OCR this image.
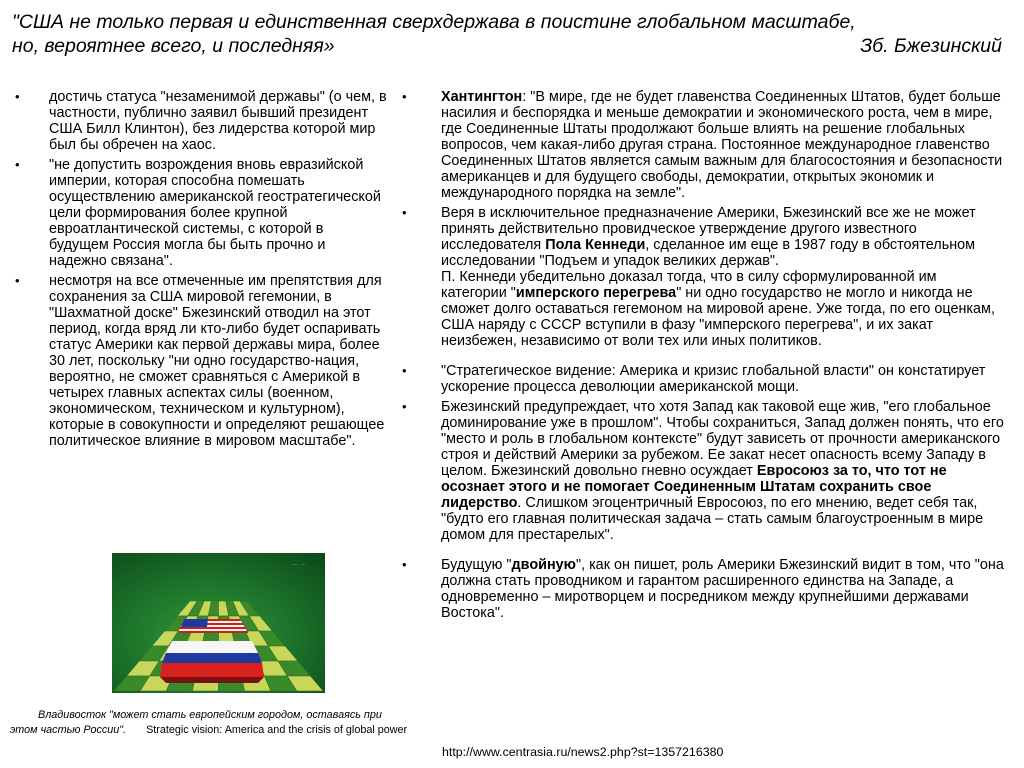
"США не только первая и единственная сверхдержава в поистине глобальном масштабе,
но, вероятнее всего, и последняя»	Зб. Бжезинский
• достичь статуса "незаменимой державы" (о чем, в частности, публично заявил бывший президент США Билл Клинтон), без лидерства которой мир был бы обречен на хаос.
• "не допустить возрождения вновь евразийской империи, которая способна помешать осуществлению американской геостратегической цели формирования более крупной евроатлантической системы, с которой в будущем Россия могла бы быть прочно и надежно связана".
• несмотря на все отмеченные им препятствия для сохранения за США мировой гегемонии, в "Шахматной доске" Бжезинский отводил на этот период, когда вряд ли кто-либо будет оспаривать статус Америки как первой державы мира, более 30 лет, поскольку "ни одно государство-нация, вероятно, не сможет сравняться с Америкой в четырех главных аспектах силы (военном, экономическом, техническом и культурном), которые в совокупности и определяют решающее политическое влияние в мировом масштабе".
• Хантингтон: "В мире, где не будет главенства Соединенных Штатов, будет больше насилия и беспорядка и меньше демократии и экономического роста, чем в мире, где Соединенные Штаты продолжают больше влиять на решение глобальных вопросов, чем какая-либо другая страна. Постоянное международное главенство Соединенных Штатов является самым важным для благосостояния и безопасности американцев и для будущего свободы, демократии, открытых экономик и международного порядка на земле".
• Веря в исключительное предназначение Америки, Бжезинский все же не может принять действительно провидческое утверждение другого известного исследователя Пола Кеннеди, сделанное им еще в 1987 году в обстоятельном исследовании "Подъем и упадок великих держав".
П. Кеннеди убедительно доказал тогда, что в силу сформулированной им категории "имперского перегрева" ни одно государство не могло и никогда не сможет долго оставаться гегемоном на мировой арене. Уже тогда, по его оценкам, США наряду с СССР вступили в фазу "имперского перегрева", и их закат неизбежен, независимо от воли тех или иных политиков.
• "Стратегическое видение: Америка и кризис глобальной власти" он констатирует ускорение процесса деволюции американской мощи.
• Бжезинский предупреждает, что хотя Запад как таковой еще жив, "его глобальное доминирование уже в прошлом". Чтобы сохраниться, Запад должен понять, что его "место и роль в глобальном контексте" будут зависеть от прочности американского строя и действий Америки за рубежом. Ее закат несет опасность всему Западу в целом. Бжезинский довольно гневно осуждает Евросоюз за то, что тот не осознает этого и не помогает Соединенным Штатам сохранить свое лидерство. Слишком эгоцентричный Евросоюз, по его мнению, ведет себя так, "будто его главная политическая задача – стать самым благоустроенным в мире домом для престарелых".
• Будущую "двойную", как он пишет, роль Америки Бжезинский видит в том, что "она должна стать проводником и гарантом расширенного единства на Западе, а одновременно – миротворцем и посредником между крупнейшими державами Востока".
~ ~
Владивосток "может стать европейским городом, оставаясь при этом частью России". Strategic vision: America and the crisis of global power
http://www.centrasia.ru/news2.php?st=1357216380
